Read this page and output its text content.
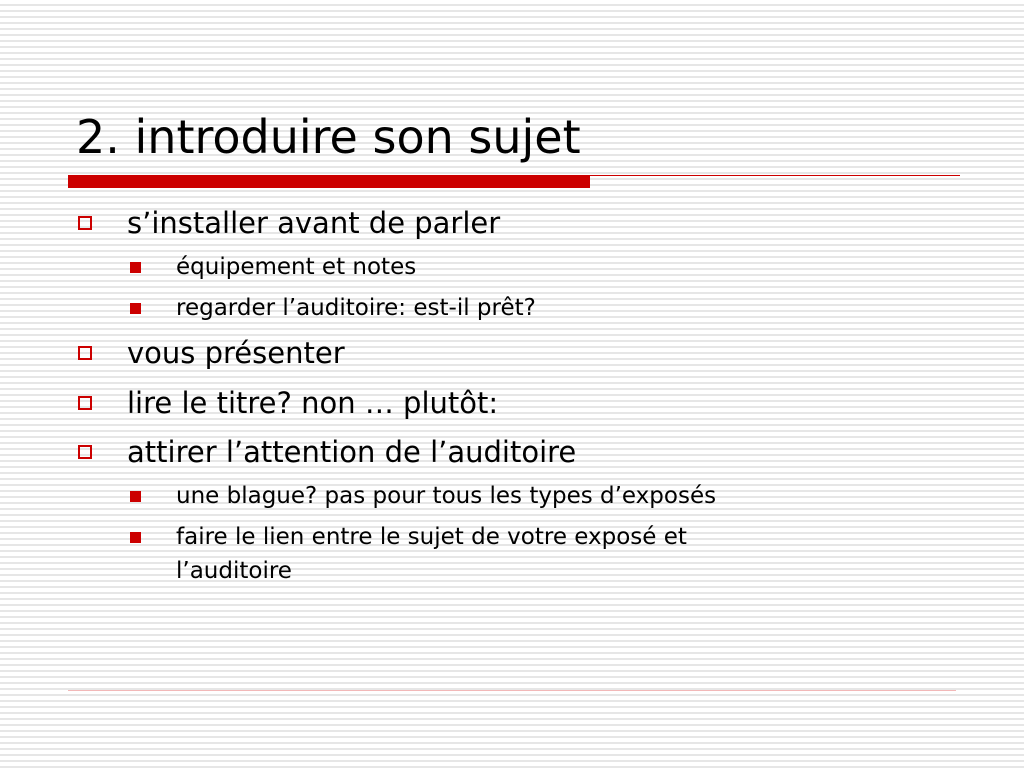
2. introduire son sujet
s’installer avant de parler
équipement et notes
regarder l’auditoire: est-il prêt?
vous présenter
lire le titre? non … plutôt:
attirer l’attention de l’auditoire
une blague? pas pour tous les types d’exposés
faire le lien entre le sujet de votre exposé et
l’auditoire
